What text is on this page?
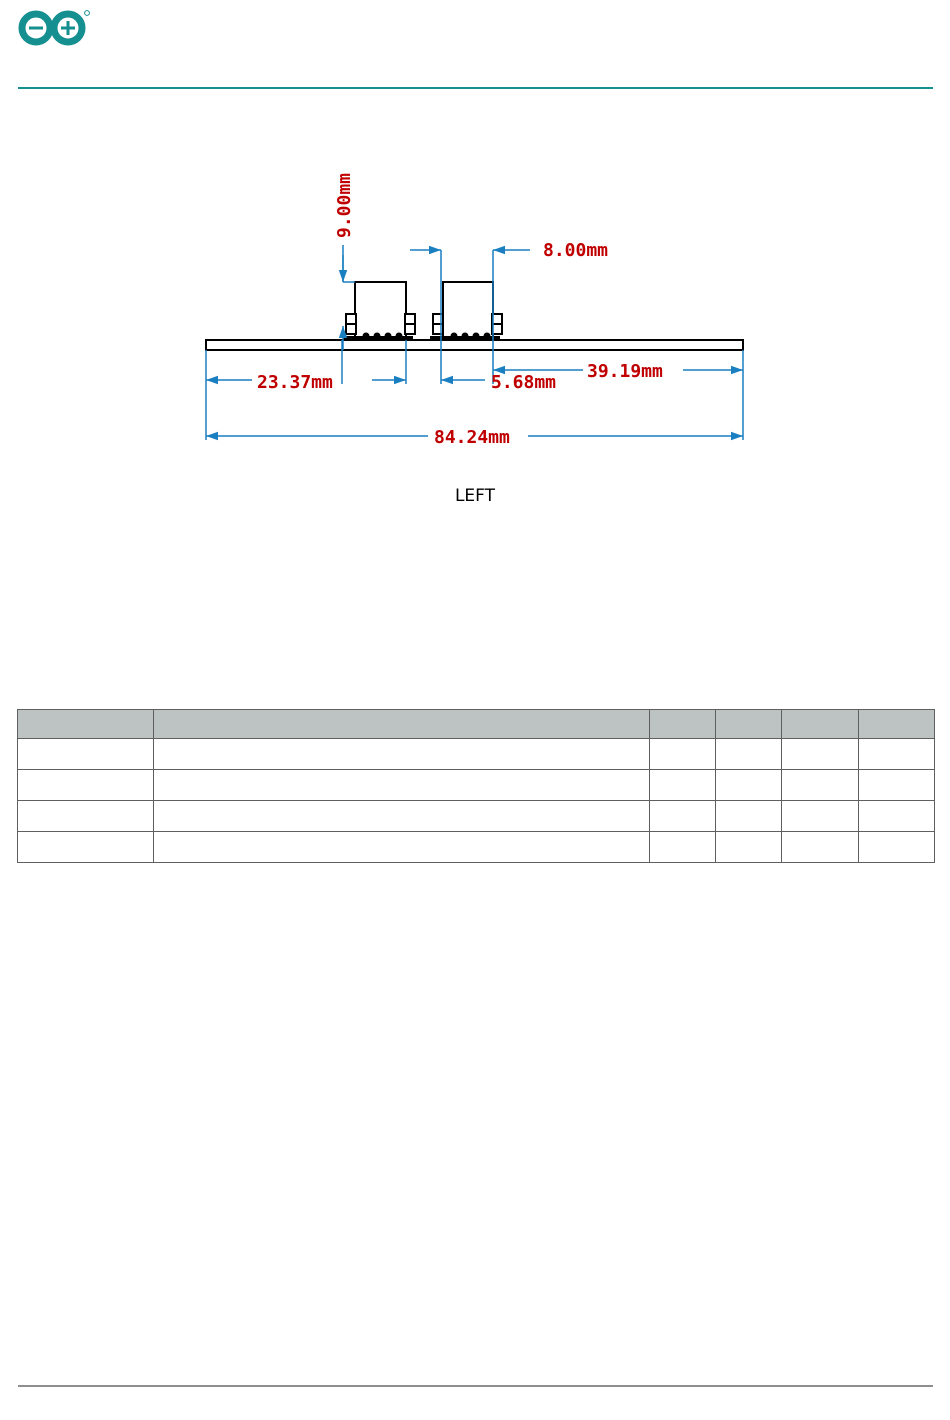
9.00mm
8.00mm
23.37mm	5.68mm
39.19mm
84.24mm
LEFT
